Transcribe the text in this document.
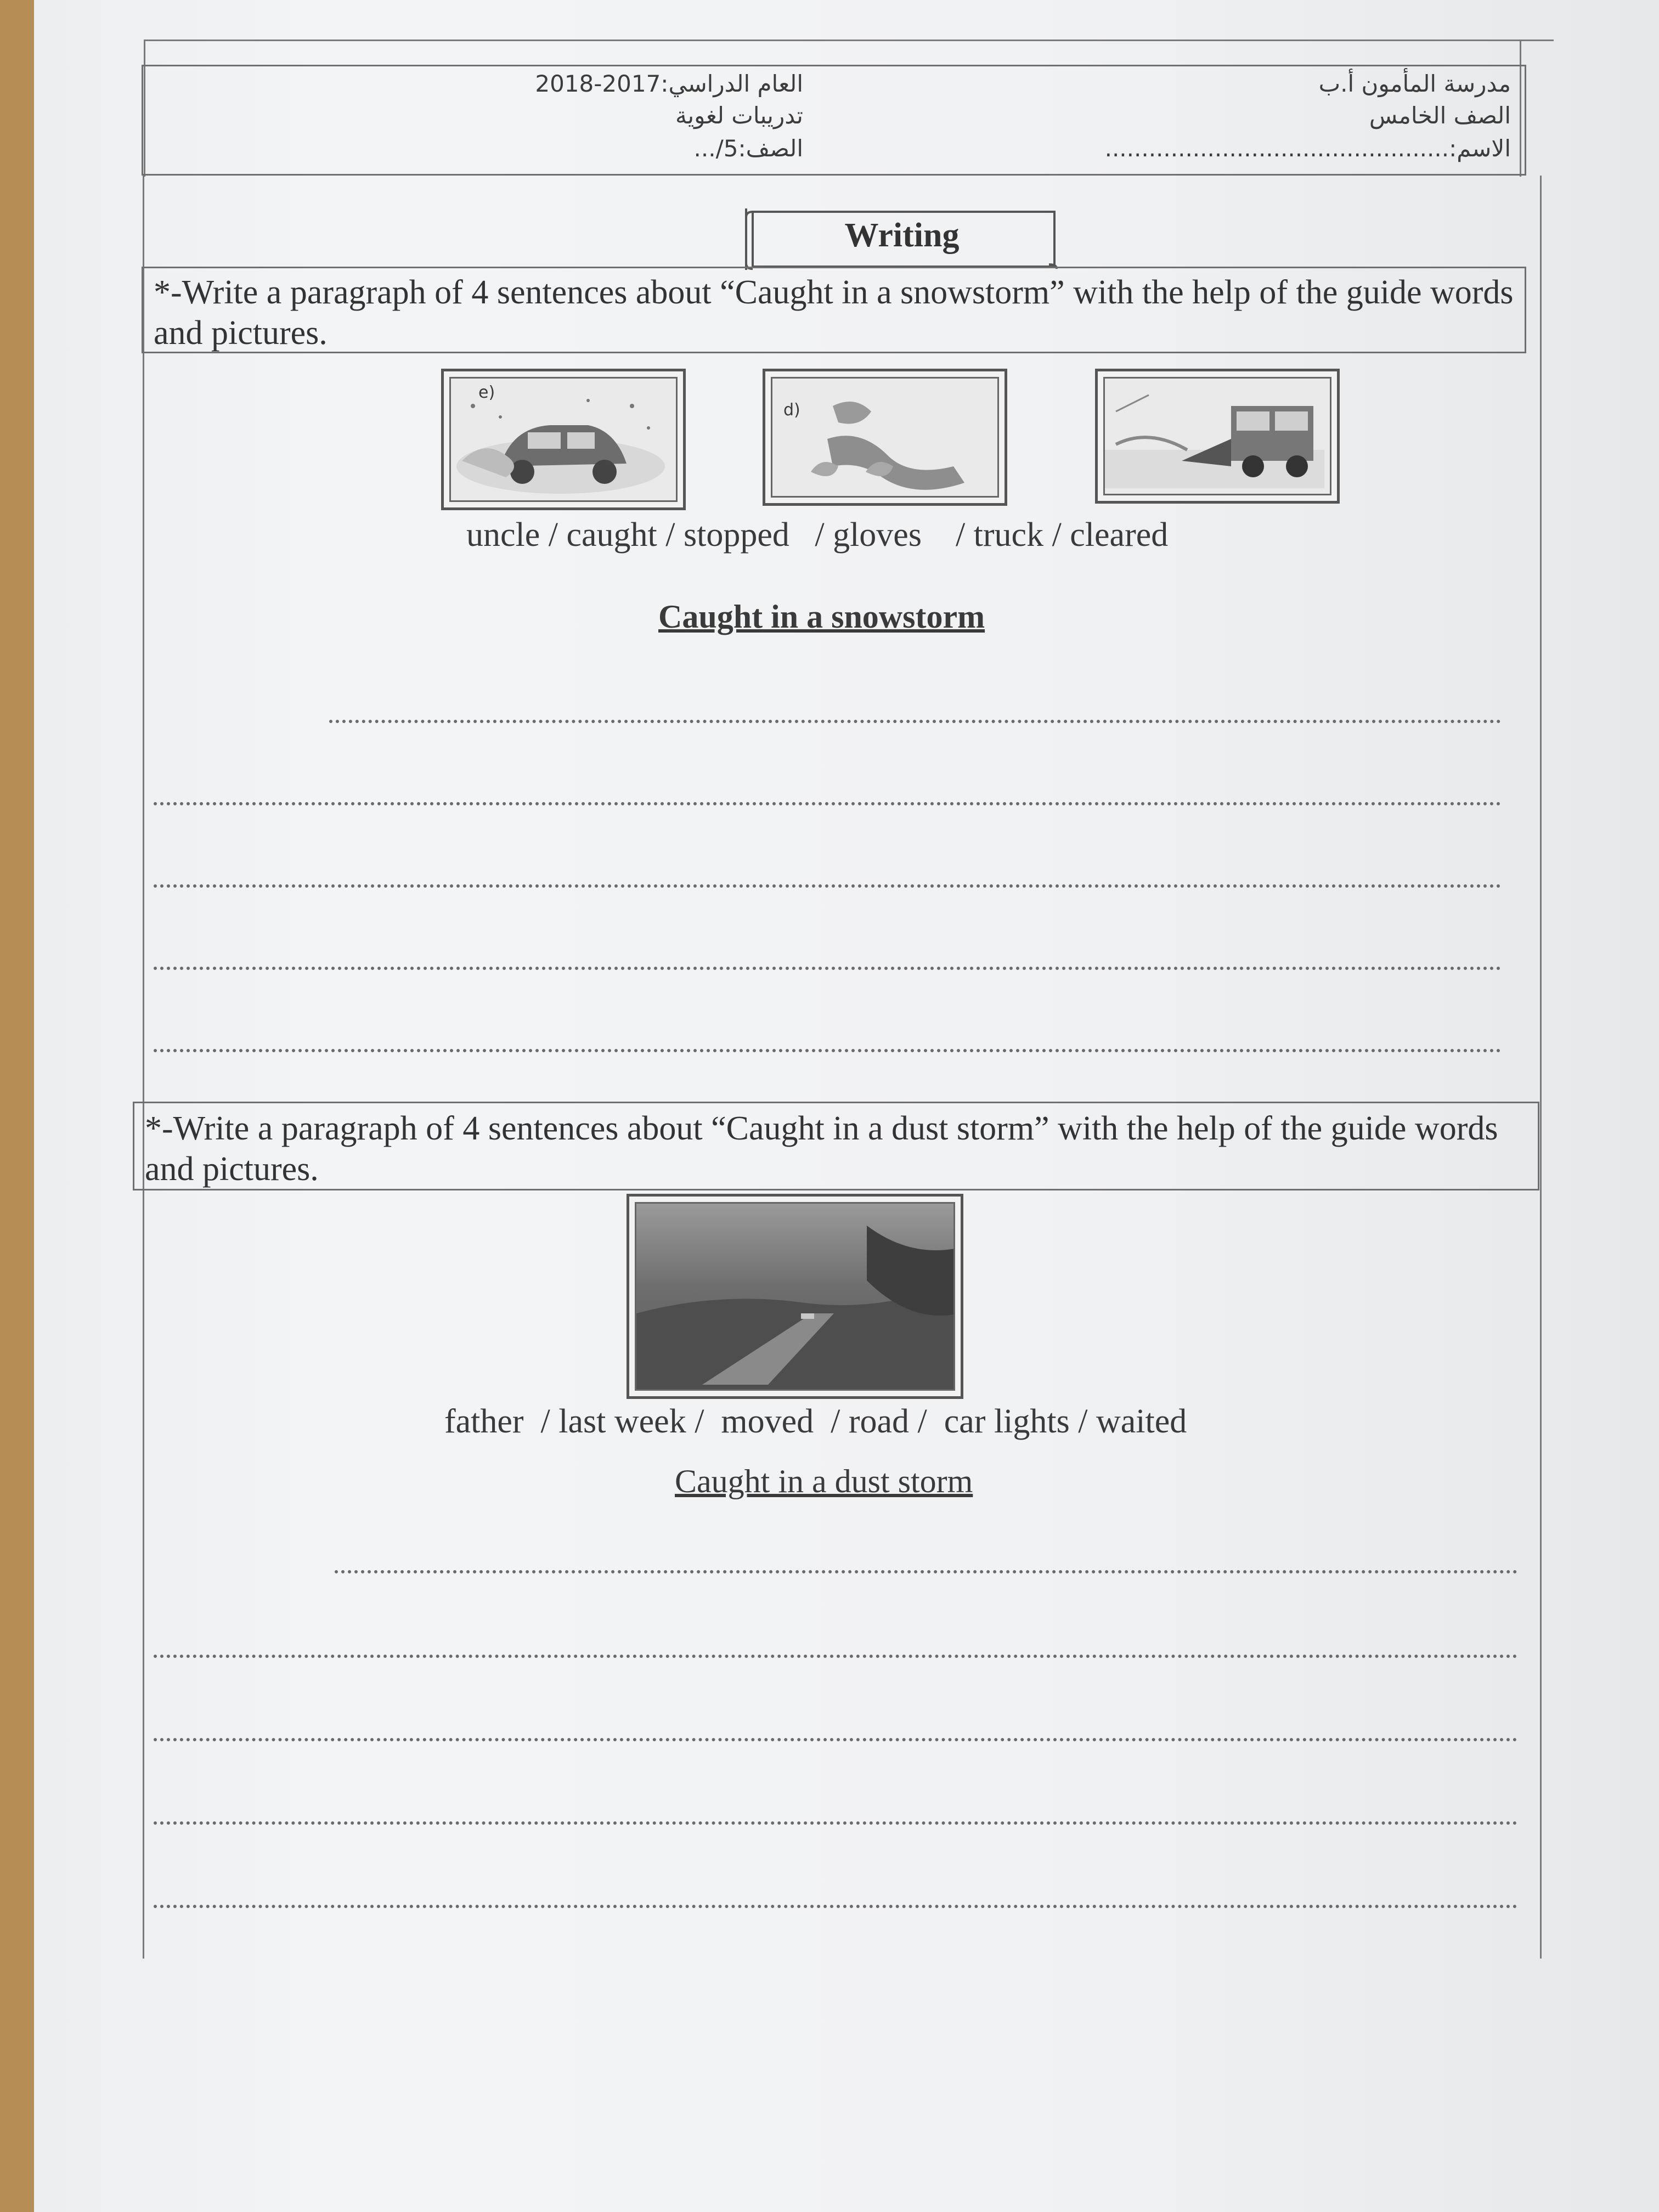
مدرسة المأمون أ.ب
الصف الخامس
الاسم:...............................................
العام الدراسي:2017-2018
تدريبات لغوية
الصف:5/...
Writing
*-Write a paragraph of 4 sentences about “Caught in a snowstorm” with the help of the guide words and pictures.
e)
d)
uncle / caught / stopped   / gloves    / truck / cleared
Caught in a snowstorm
*-Write a paragraph of 4 sentences about “Caught in a dust storm” with the help of the guide words and pictures.
father  / last week /  moved  / road /  car lights / waited
Caught in a dust storm
